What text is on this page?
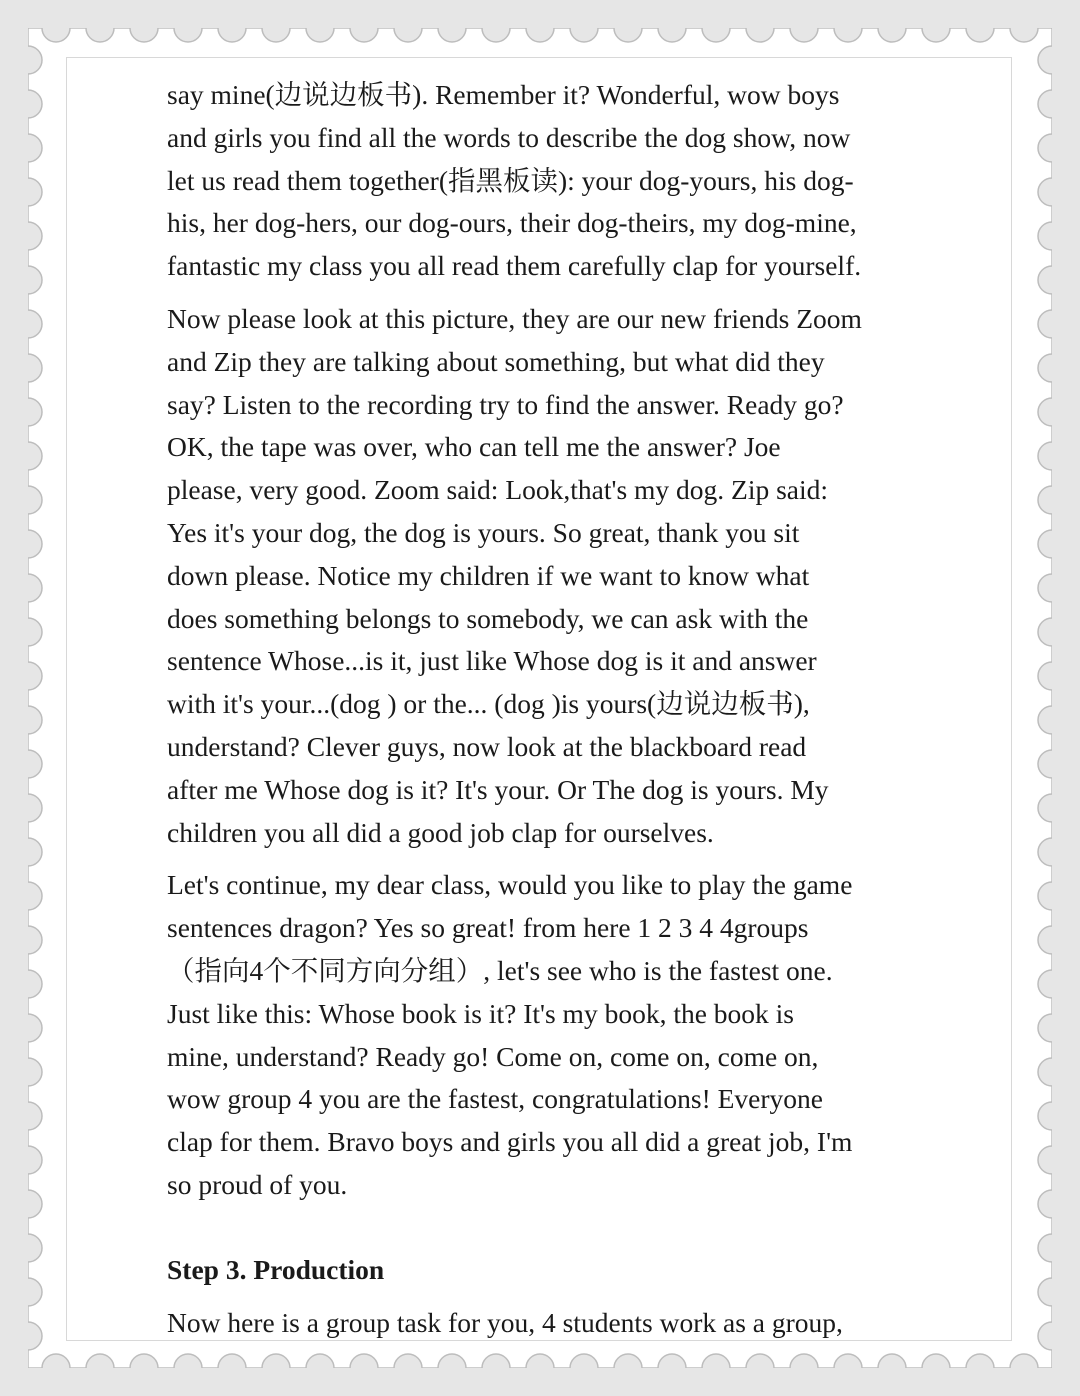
say mine(边说边板书). Remember it? Wonderful, wow boys
and girls you find all the words to describe the dog show, now
let us read them together(指黑板读): your dog-yours, his dog-
his, her dog-hers, our dog-ours, their dog-theirs, my dog-mine,
fantastic my class you all read them carefully clap for yourself.
Now please look at this picture, they are our new friends Zoom
and Zip they are talking about something, but what did they
say? Listen to the recording try to find the answer. Ready go?
OK, the tape was over, who can tell me the answer? Joe
please, very good. Zoom said: Look,that's my dog. Zip said:
Yes it's your dog, the dog is yours. So great, thank you sit
down please. Notice my children if we want to know what
does something belongs to somebody, we can ask with the
sentence Whose...is it, just like Whose dog is it and answer
with it's your...(dog ) or the... (dog )is yours(边说边板书),
understand? Clever guys, now look at the blackboard read
after me Whose dog is it? It's your. Or The dog is yours. My
children you all did a good job clap for ourselves.
Let's continue, my dear class, would you like to play the game
sentences dragon? Yes so great! from here 1 2 3 4 4groups
（指向4个不同方向分组）, let's see who is the fastest one.
Just like this: Whose book is it? It's my book, the book is
mine, understand? Ready go! Come on, come on, come on,
wow group 4 you are the fastest, congratulations! Everyone
clap for them. Bravo boys and girls you all did a great job, I'm
so proud of you.
Step 3. Production
Now here is a group task for you, 4 students work as a group,
